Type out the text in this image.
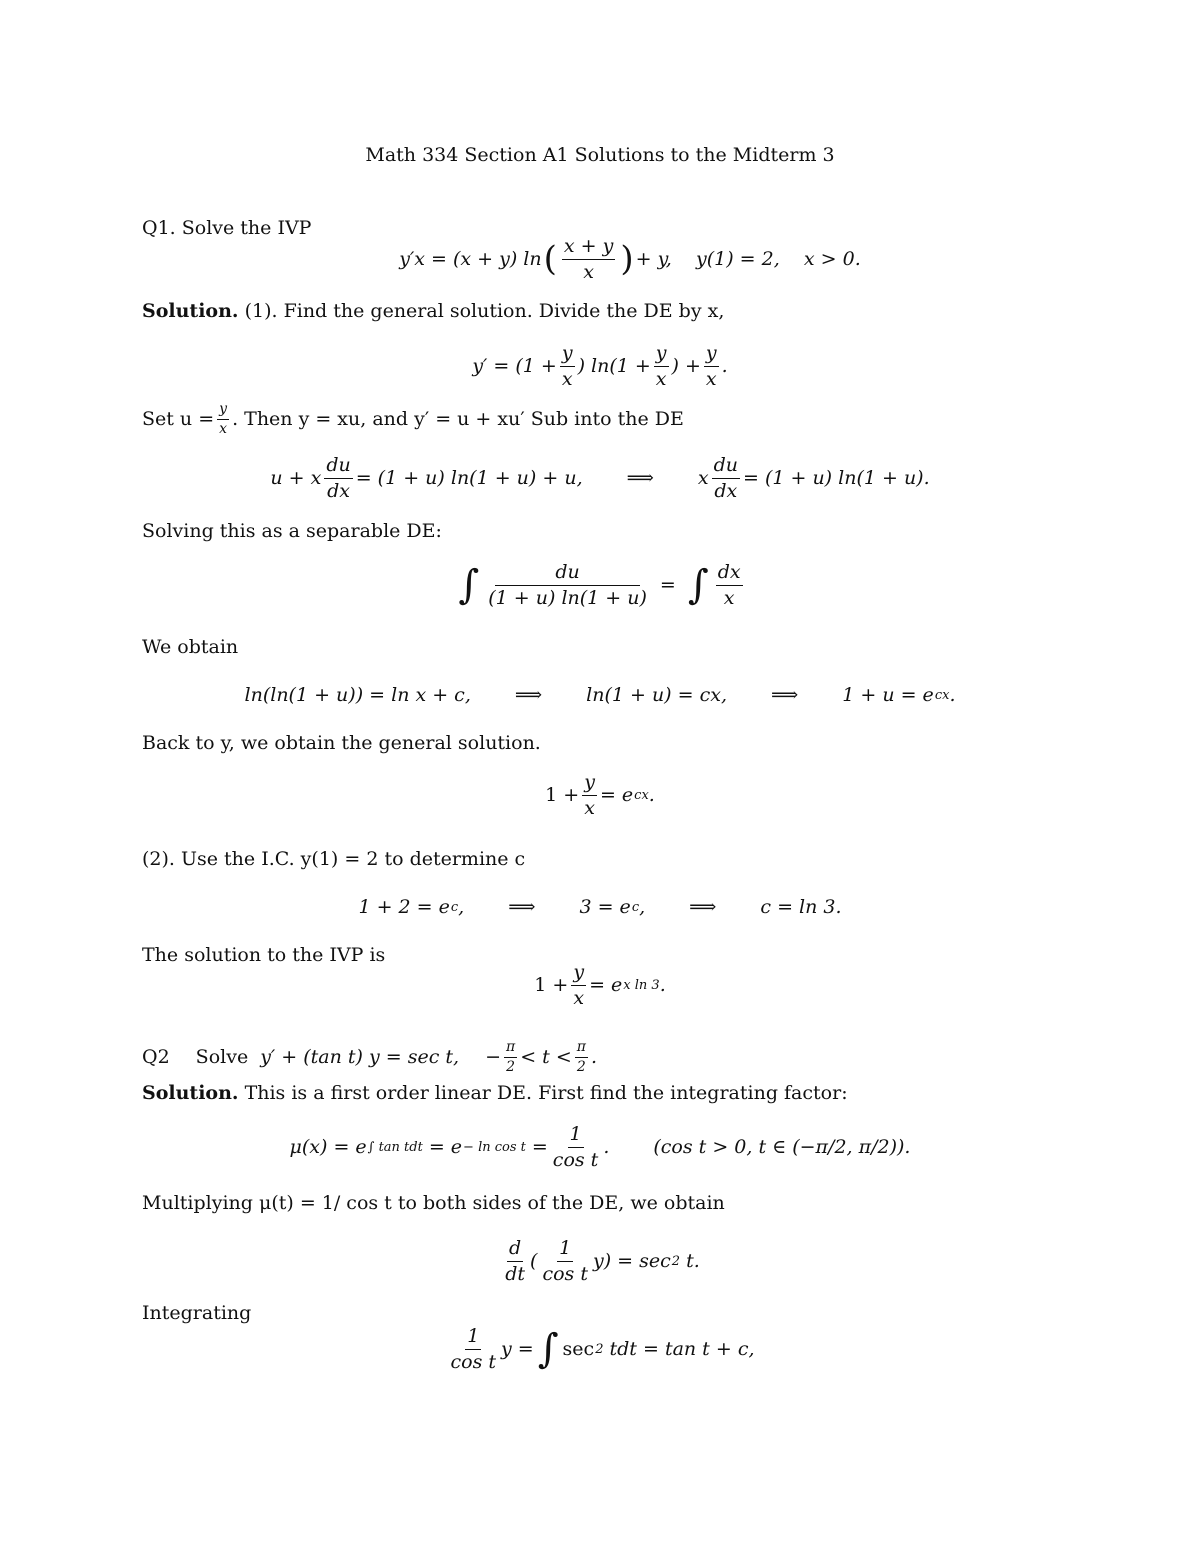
Math 334 Section A1 Solutions to the Midterm 3
Q1. Solve the IVP
y′x = (x + y) ln ( $\frac{x + y}{x}$ ) + y,    y(1) = 2,    x > 0.
Solution. (1). Find the general solution. Divide the DE by x,
$y' = (1 + \frac{y}{x}$ ) $\ln(1 + \frac{y}{x}$ ) + $\frac{y}{x}$ .
Set $u = \frac{y}{x}$ . Then y = xu, and y′ = u + xu′ Sub into the DE
u + x $\frac{du}{dx} = (1 + u) \ln(1 + u) + u$, ⟹ x $\frac{du}{dx} = (1 + u) \ln(1 + u)$.
Solving this as a separable DE:
∫ $\frac{du}{(1 + u) \ln(1 + u)}$ = ∫ $\frac{dx}{x}$
We obtain
ln(ln(1 + u)) = ln x + c, ⟹ ln(1 + u) = cx, ⟹ 1 + u = e cx .
Back to y, we obtain the general solution.
$1 + \frac{y}{x} = e$ cx .
(2). Use the I.C. y(1) = 2 to determine c
1 + 2 = e c , ⟹ 3 = e c , ⟹ c = ln 3.
The solution to the IVP is
$1 + \frac{y}{x} = e$ x ln 3 .
Q2 Solve y′ + (tan t) y = sec t, − $\frac{\pi}{2} < t < \frac{\pi}{2}$ .
Solution. This is a first order linear DE. First find the integrating factor:
μ(x) = e ∫ tan tdt = $e - \ln \cos t = \frac{1}{\text{cos t}}$ . (cos t > 0, t ∈ (−π/2, π/2)).
Multiplying μ(t) = 1/ cos t to both sides of the DE, we obtain
$\frac{d}{dt}$ ( $\frac{1}{\text{cos t}} y) = \sec 2$ t.
Integrating
$\frac{1}{\text{cos t}}$ y = ∫ sec 2 tdt = tan t + c,
